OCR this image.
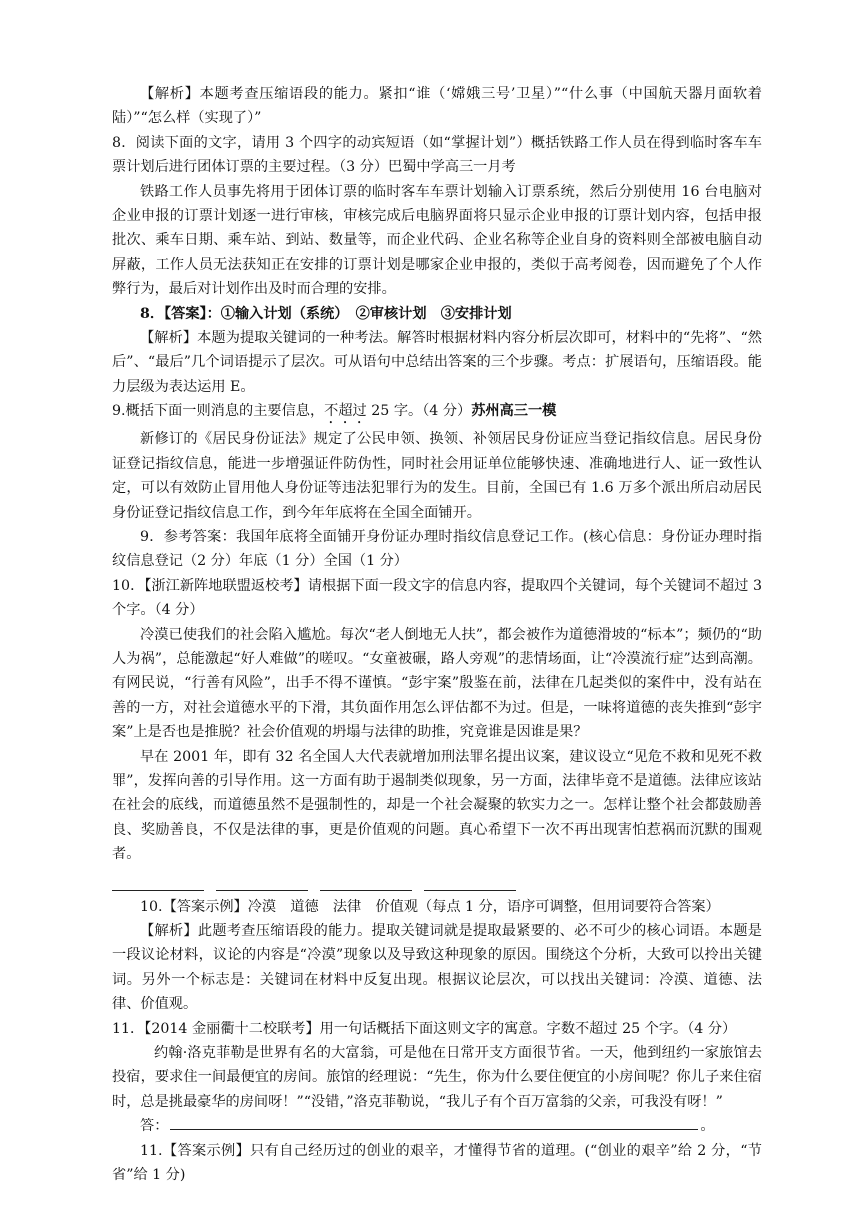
【解析】本题考查压缩语段的能力。紧扣“谁（‘嫦娥三号’卫星）”“什么事（中国航天器月面软着陆）”“怎么样（实现了）”

8．阅读下面的文字，请用 3 个四字的动宾短语（如“掌握计划”）概括铁路工作人员在得到临时客车车票计划后进行团体订票的主要过程。（3 分）巴蜀中学高三一月考

铁路工作人员事先将用于团体订票的临时客车车票计划输入订票系统，然后分别使用 16 台电脑对企业申报的订票计划逐一进行审核，审核完成后电脑界面将只显示企业申报的订票计划内容，包括申报批次、乘车日期、乘车站、到站、数量等，而企业代码、企业名称等企业自身的资料则全部被电脑自动屏蔽，工作人员无法获知正在安排的订票计划是哪家企业申报的，类似于高考阅卷，因而避免了个人作弊行为，最后对计划作出及时而合理的安排。

8．【答案】：①输入计划（系统）　②审核计划　③安排计划

【解析】本题为提取关键词的一种考法。解答时根据材料内容分析层次即可，材料中的“先将”、“然后”、“最后”几个词语提示了层次。可从语句中总结出答案的三个步骤。考点：扩展语句，压缩语段。能力层级为表达运用 E。

9.概括下面一则消息的主要信息，不超过 25 字。（4 分）苏州高三一模

新修订的《居民身份证法》规定了公民申领、换领、补领居民身份证应当登记指纹信息。居民身份证登记指纹信息，能进一步增强证件防伪性，同时社会用证单位能够快速、准确地进行人、证一致性认定，可以有效防止冒用他人身份证等违法犯罪行为的发生。目前，全国已有 1.6 万多个派出所启动居民身份证登记指纹信息工作，到今年年底将在全国全面铺开。

9．参考答案：我国年底将全面铺开身份证办理时指纹信息登记工作。(核心信息：身份证办理时指纹信息登记（2 分）年底（1 分）全国（1 分）

10．【浙江新阵地联盟返校考】请根据下面一段文字的信息内容，提取四个关键词，每个关键词不超过 3 个字。（4 分）

冷漠已使我们的社会陷入尴尬。每次“老人倒地无人扶”，都会被作为道德滑坡的“标本”；频仍的“助人为祸”，总能激起“好人难做”的嗟叹。“女童被碾，路人旁观”的悲情场面，让“冷漠流行症”达到高潮。有网民说，“行善有风险”，出手不得不谨慎。“彭宇案”殷鉴在前，法律在几起类似的案件中，没有站在善的一方，对社会道德水平的下滑，其负面作用怎么评估都不为过。但是，一味将道德的丧失推到“彭宇案”上是否也是推脱？社会价值观的坍塌与法律的助推，究竟谁是因谁是果？

早在 2001 年，即有 32 名全国人大代表就增加刑法罪名提出议案，建议设立“见危不救和见死不救罪”，发挥向善的引导作用。这一方面有助于遏制类似现象，另一方面，法律毕竟不是道德。法律应该站在社会的底线，而道德虽然不是强制性的，却是一个社会凝聚的软实力之一。怎样让整个社会都鼓励善良、奖励善良，不仅是法律的事，更是价值观的问题。真心希望下一次不再出现害怕惹祸而沉默的围观者。

10.【答案示例】冷漠　道德　法律　价值观（每点 1 分，语序可调整，但用词要符合答案）

【解析】此题考查压缩语段的能力。提取关键词就是提取最紧要的、必不可少的核心词语。本题是一段议论材料，议论的内容是“冷漠”现象以及导致这种现象的原因。围绕这个分析，大致可以拎出关键词。另外一个标志是：关键词在材料中反复出现。根据议论层次，可以找出关键词：冷漠、道德、法律、价值观。

11．【2014 金丽衢十二校联考】用一句话概括下面这则文字的寓意。字数不超过 25 个字。（4 分）

约翰·洛克菲勒是世界有名的大富翁，可是他在日常开支方面很节省。一天，他到纽约一家旅馆去投宿，要求住一间最便宜的房间。旅馆的经理说：“先生，你为什么要住便宜的小房间呢？你儿子来住宿时，总是挑最豪华的房间呀！”“没错，”洛克菲勒说，“我儿子有个百万富翁的父亲，可我没有呀！”

答：	。

11.【答案示例】只有自己经历过的创业的艰辛，才懂得节省的道理。(“创业的艰辛”给 2 分，“节省”给 1 分)
